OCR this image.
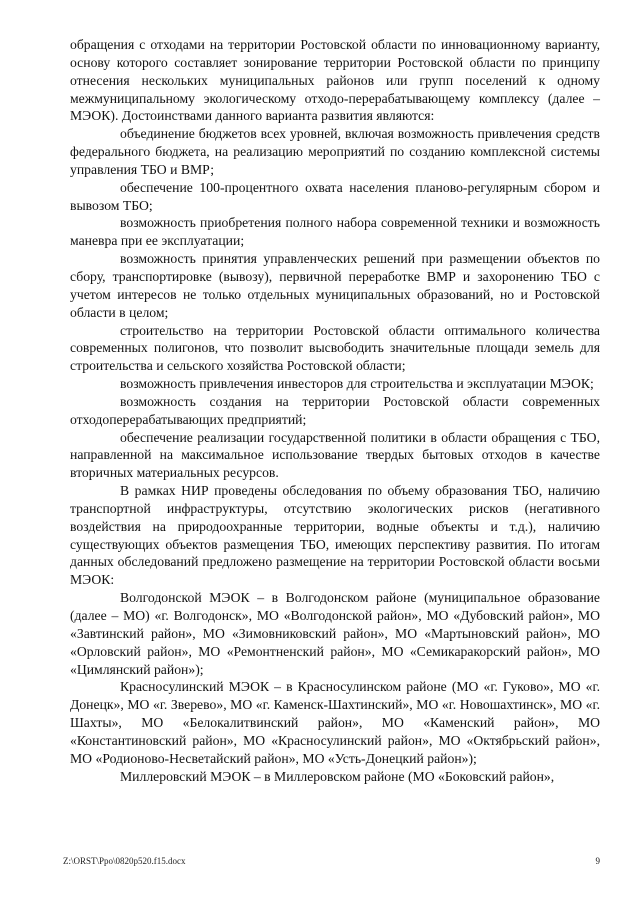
обращения с отходами на территории Ростовской области по инновационному варианту, основу которого составляет зонирование территории Ростовской области по принципу отнесения нескольких муниципальных районов или групп поселений к одному межмуниципальному экологическому отходо-перерабатывающему комплексу (далее – МЭОК). Достоинствами данного варианта развития являются:

объединение бюджетов всех уровней, включая возможность привлечения средств федерального бюджета, на реализацию мероприятий по созданию комплексной системы управления ТБО и ВМР;

обеспечение 100-процентного охвата населения планово-регулярным сбором и вывозом ТБО;

возможность приобретения полного набора современной техники и возможность маневра при ее эксплуатации;

возможность принятия управленческих решений при размещении объектов по сбору, транспортировке (вывозу), первичной переработке ВМР и захоронению ТБО с учетом интересов не только отдельных муниципальных образований, но и Ростовской области в целом;

строительство на территории Ростовской области оптимального количества современных полигонов, что позволит высвободить значительные площади земель для строительства и сельского хозяйства Ростовской области;

возможность привлечения инвесторов для строительства и эксплуатации МЭОК;

возможность создания на территории Ростовской области современных отходоперерабатывающих предприятий;

обеспечение реализации государственной политики в области обращения с ТБО, направленной на максимальное использование твердых бытовых отходов в качестве вторичных материальных ресурсов.

В рамках НИР проведены обследования по объему образования ТБО, наличию транспортной инфраструктуры, отсутствию экологических рисков (негативного воздействия на природоохранные территории, водные объекты и т.д.), наличию существующих объектов размещения ТБО, имеющих перспективу развития. По итогам данных обследований предложено размещение на территории Ростовской области восьми МЭОК:

Волгодонской МЭОК – в Волгодонском районе (муниципальное образование (далее – МО) «г. Волгодонск», МО «Волгодонской район», МО «Дубовский район», МО «Завтинский район», МО «Зимовниковский район», МО «Мартыновский район», МО «Орловский район», МО «Ремонтненский район», МО «Семикаракорский район», МО «Цимлянский район»);

Красносулинский МЭОК – в Красносулинском районе (МО «г. Гуково», МО «г. Донецк», МО «г. Зверево», МО «г. Каменск-Шахтинский», МО «г. Новошахтинск», МО «г. Шахты», МО «Белокалитвинский район», МО «Каменский район», МО «Константиновский район», МО «Красносулинский район», МО «Октябрьский район», МО «Родионово-Несветайский район», МО «Усть-Донецкий район»);

Миллеровский МЭОК – в Миллеровском районе (МО «Боковский район»,

Z:\ORST\Ppo\0820p520.f15.docx	9
